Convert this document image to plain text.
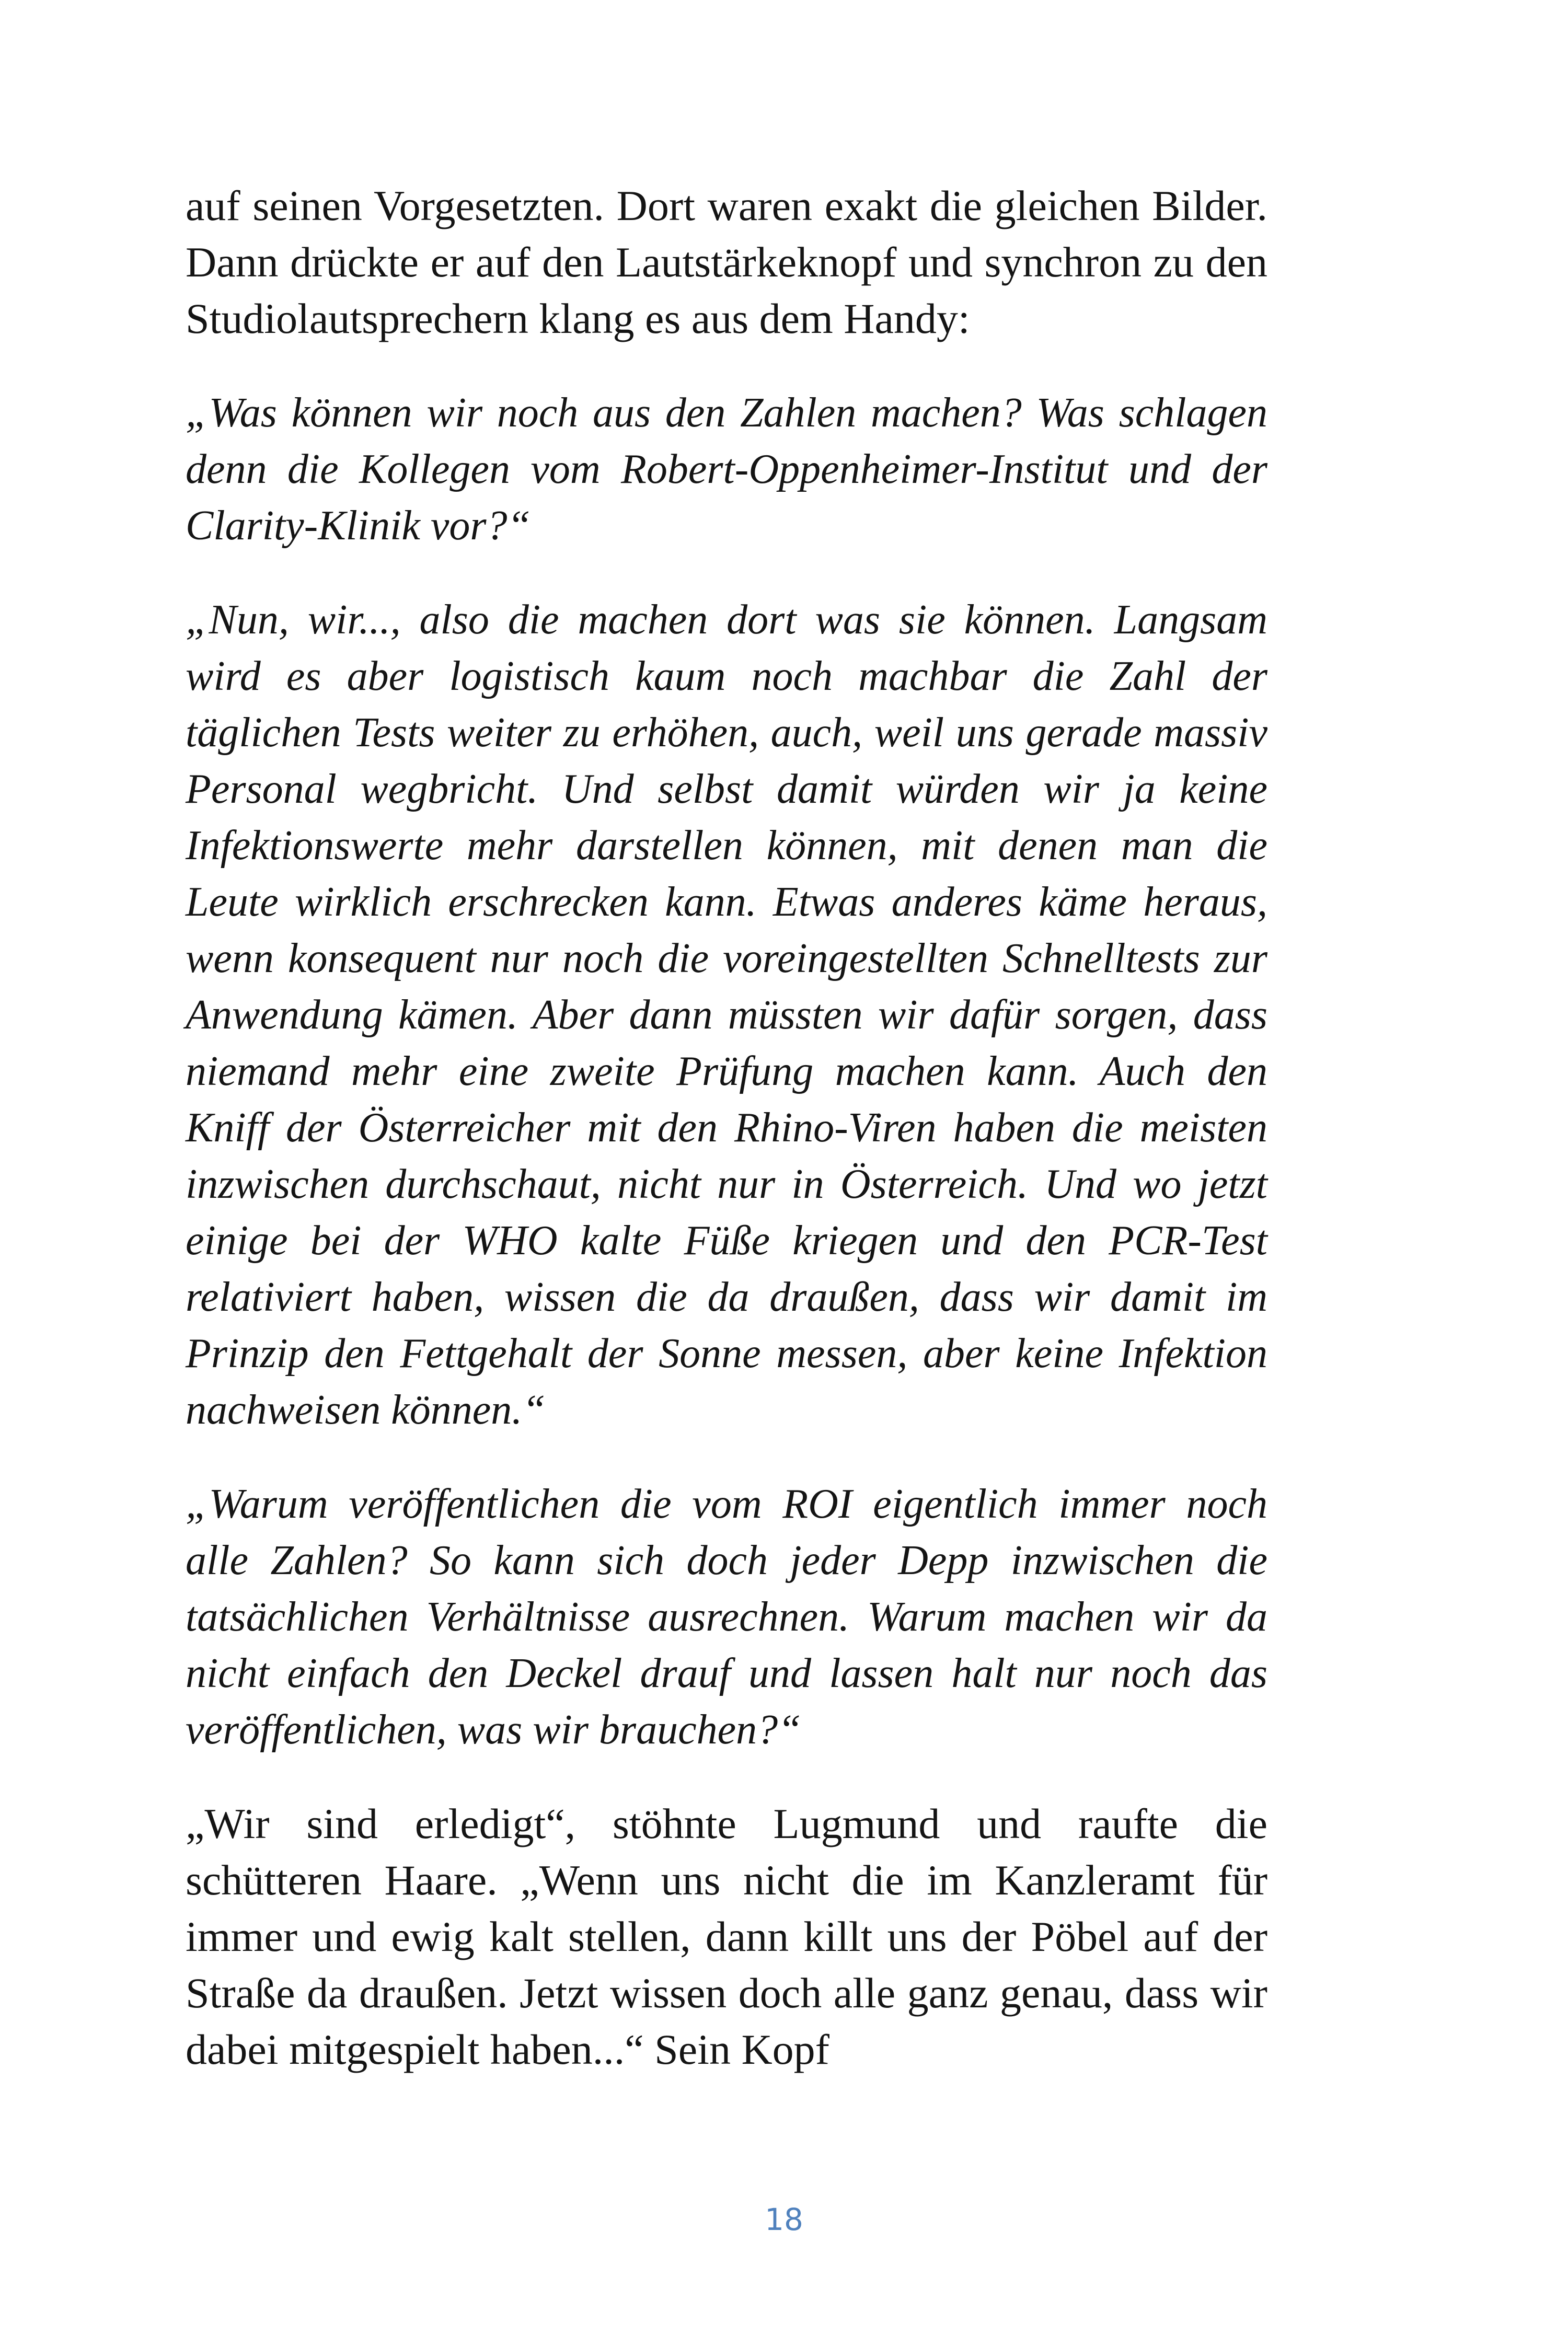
auf seinen Vorgesetzten. Dort waren exakt die gleichen Bilder. Dann drückte er auf den Lautstärkeknopf und synchron zu den Studiolautsprechern klang es aus dem Handy:

„Was können wir noch aus den Zahlen machen? Was schlagen denn die Kollegen vom Robert-Oppenheimer-Institut und der Clarity-Klinik vor?“

„Nun, wir..., also die machen dort was sie können. Langsam wird es aber logistisch kaum noch machbar die Zahl der täglichen Tests weiter zu erhöhen, auch, weil uns gerade massiv Personal wegbricht. Und selbst damit würden wir ja keine Infektionswerte mehr darstellen können, mit denen man die Leute wirklich erschrecken kann. Etwas anderes käme heraus, wenn konsequent nur noch die voreingestellten Schnelltests zur Anwendung kämen. Aber dann müssten wir dafür sorgen, dass niemand mehr eine zweite Prüfung machen kann. Auch den Kniff der Österreicher mit den Rhino-Viren haben die meisten inzwischen durchschaut, nicht nur in Österreich. Und wo jetzt einige bei der WHO kalte Füße kriegen und den PCR-Test relativiert haben, wissen die da draußen, dass wir damit im Prinzip den Fettgehalt der Sonne messen, aber keine Infektion nachweisen können.“

„Warum veröffentlichen die vom ROI eigentlich immer noch alle Zahlen? So kann sich doch jeder Depp inzwischen die tatsächlichen Verhältnisse ausrechnen. Warum machen wir da nicht einfach den Deckel drauf und lassen halt nur noch das veröffentlichen, was wir brauchen?“

„Wir sind erledigt“, stöhnte Lugmund und raufte die schütteren Haare. „Wenn uns nicht die im Kanzleramt für immer und ewig kalt stellen, dann killt uns der Pöbel auf der Straße da draußen. Jetzt wissen doch alle ganz genau, dass wir dabei mitgespielt haben...“ Sein Kopf

18
